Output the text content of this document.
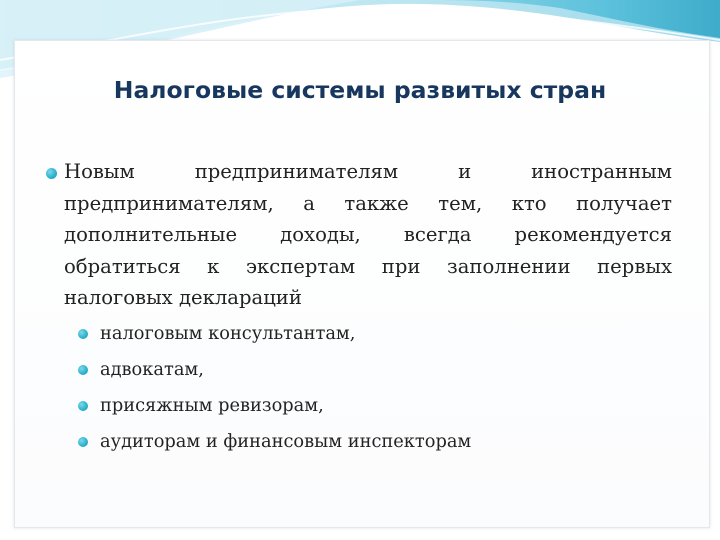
Налоговые системы развитых стран

Новым предпринимателям и иностранным предпринимателям, а также тем, кто получает дополнительные доходы, всегда рекомендуется обратиться к экспертам при заполнении первых налоговых деклараций

налоговым консультантам,
адвокатам,
присяжным ревизорам,
аудиторам и финансовым инспекторам
